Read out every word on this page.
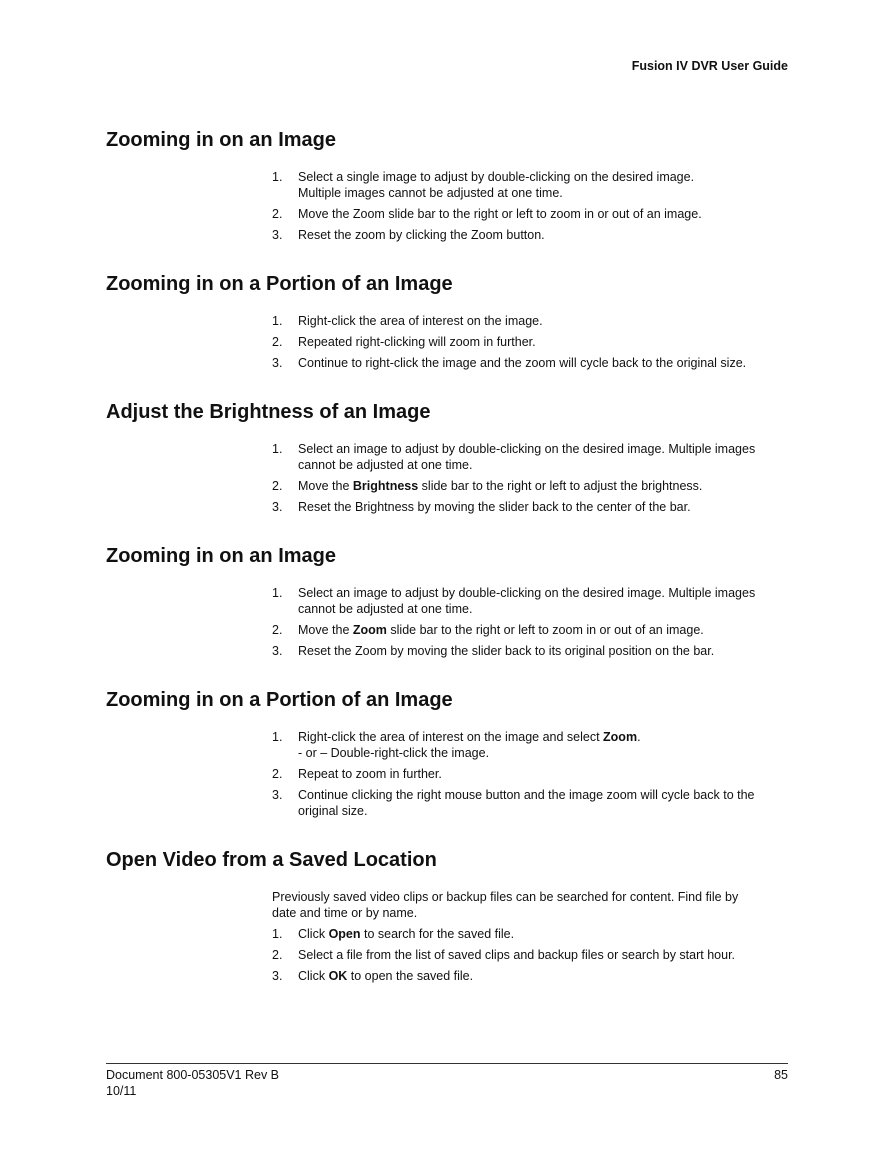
Fusion IV DVR User Guide
Zooming in on an Image
1. Select a single image to adjust by double-clicking on the desired image.
Multiple images cannot be adjusted at one time.
2. Move the Zoom slide bar to the right or left to zoom in or out of an image.
3. Reset the zoom by clicking the Zoom button.
Zooming in on a Portion of an Image
1. Right-click the area of interest on the image.
2. Repeated right-clicking will zoom in further.
3. Continue to right-click the image and the zoom will cycle back to the original size.
Adjust the Brightness of an Image
1. Select an image to adjust by double-clicking on the desired image. Multiple images
cannot be adjusted at one time.
2. Move the Brightness slide bar to the right or left to adjust the brightness.
3. Reset the Brightness by moving the slider back to the center of the bar.
Zooming in on an Image
1. Select an image to adjust by double-clicking on the desired image. Multiple images
cannot be adjusted at one time.
2. Move the Zoom slide bar to the right or left to zoom in or out of an image.
3. Reset the Zoom by moving the slider back to its original position on the bar.
Zooming in on a Portion of an Image
1. Right-click the area of interest on the image and select Zoom.
- or – Double-right-click the image.
2. Repeat to zoom in further.
3. Continue clicking the right mouse button and the image zoom will cycle back to the
original size.
Open Video from a Saved Location
Previously saved video clips or backup files can be searched for content. Find file by
date and time or by name.
1. Click Open to search for the saved file.
2. Select a file from the list of saved clips and backup files or search by start hour.
3. Click OK to open the saved file.
Document 800-05305V1 Rev B
10/11
85
